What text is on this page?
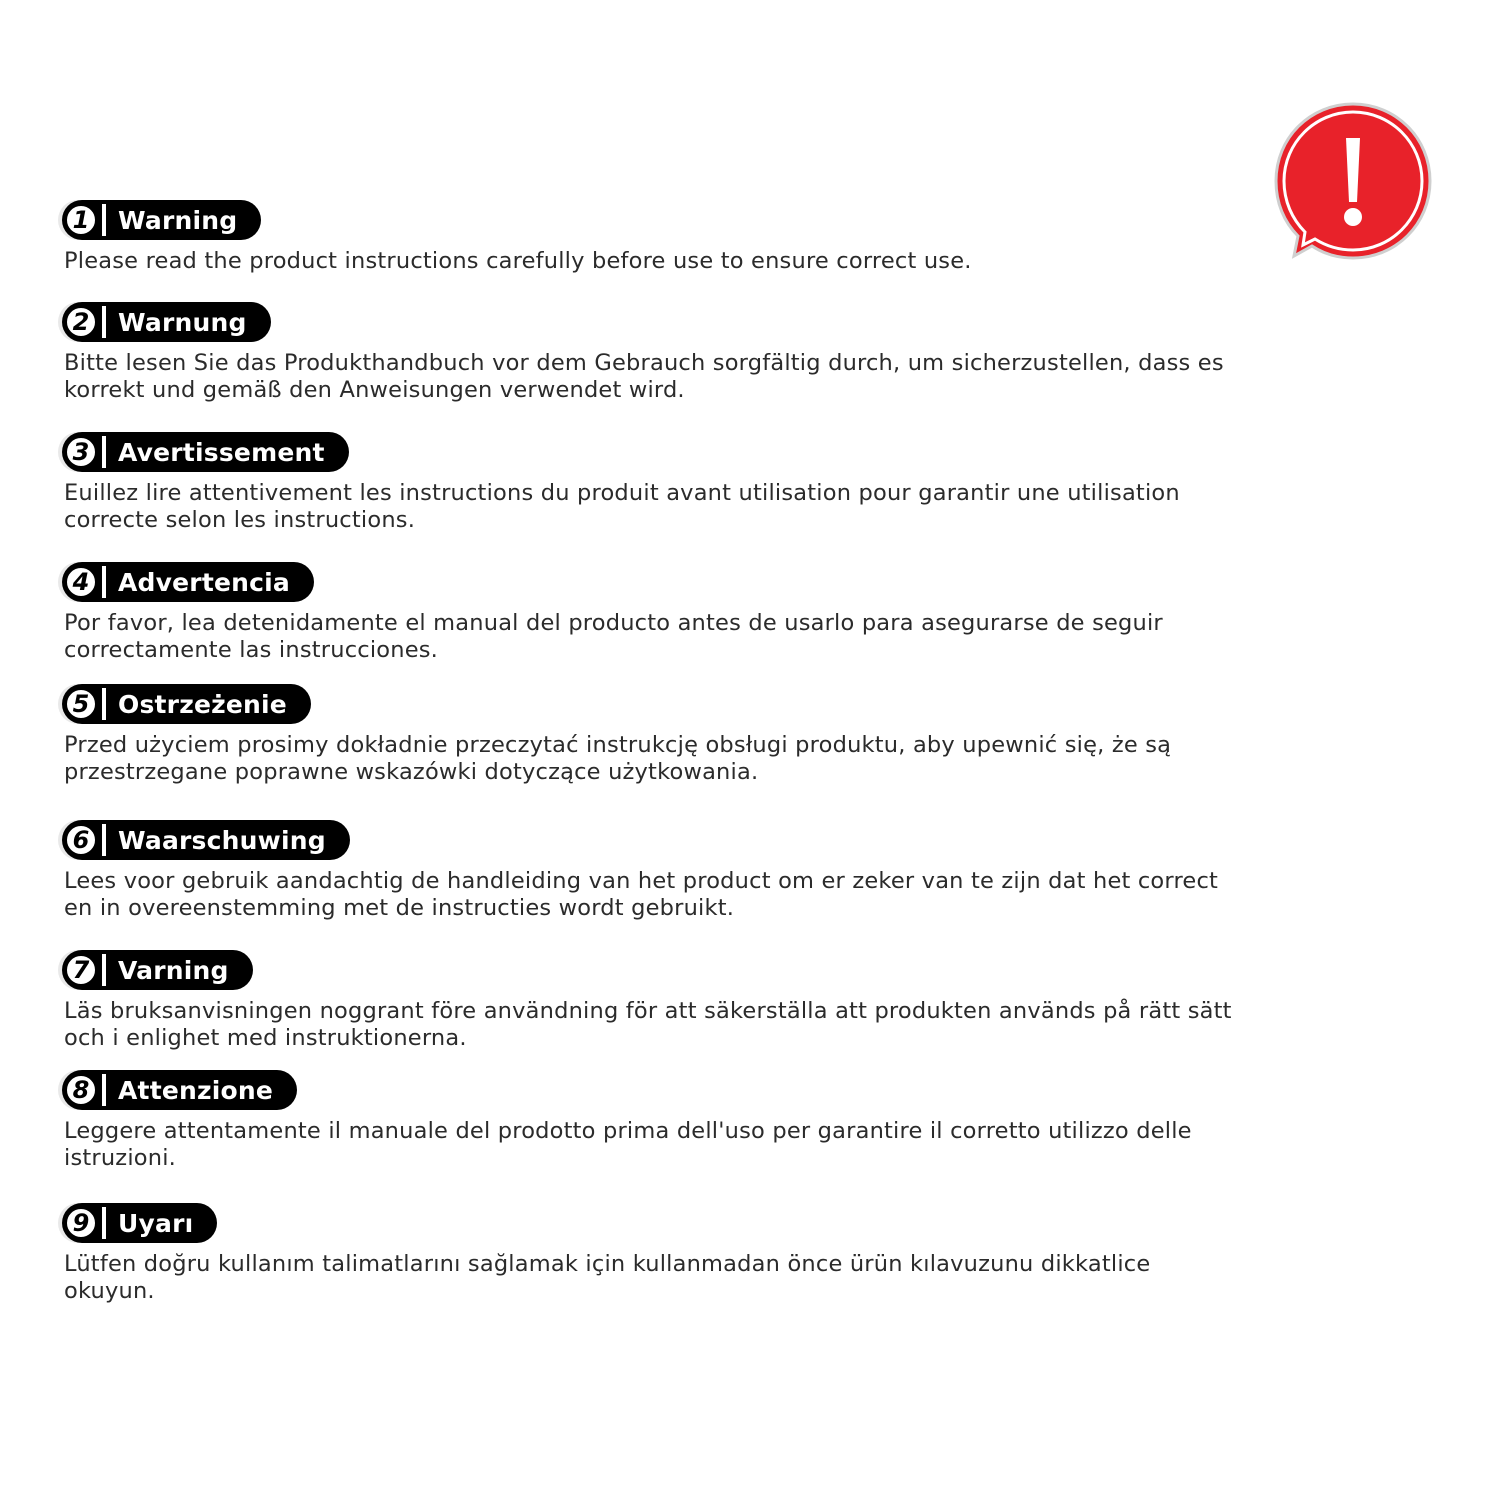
1 Warning
Please read the product instructions carefully before use to ensure correct use.
2 Warnung
Bitte lesen Sie das Produkthandbuch vor dem Gebrauch sorgfältig durch, um sicherzustellen, dass es korrekt und gemäß den Anweisungen verwendet wird.
3 Avertissement
Euillez lire attentivement les instructions du produit avant utilisation pour garantir une utilisation correcte selon les instructions.
4 Advertencia
Por favor, lea detenidamente el manual del producto antes de usarlo para asegurarse de seguir correctamente las instrucciones.
5 Ostrzeżenie
Przed użyciem prosimy dokładnie przeczytać instrukcję obsługi produktu, aby upewnić się, że są przestrzegane poprawne wskazówki dotyczące użytkowania.
6 Waarschuwing
Lees voor gebruik aandachtig de handleiding van het product om er zeker van te zijn dat het correct en in overeenstemming met de instructies wordt gebruikt.
7 Varning
Läs bruksanvisningen noggrant före användning för att säkerställa att produkten används på rätt sätt och i enlighet med instruktionerna.
8 Attenzione
Leggere attentamente il manuale del prodotto prima dell'uso per garantire il corretto utilizzo delle istruzioni.
9 Uyarı
Lütfen doğru kullanım talimatlarını sağlamak için kullanmadan önce ürün kılavuzunu dikkatlice okuyun.
